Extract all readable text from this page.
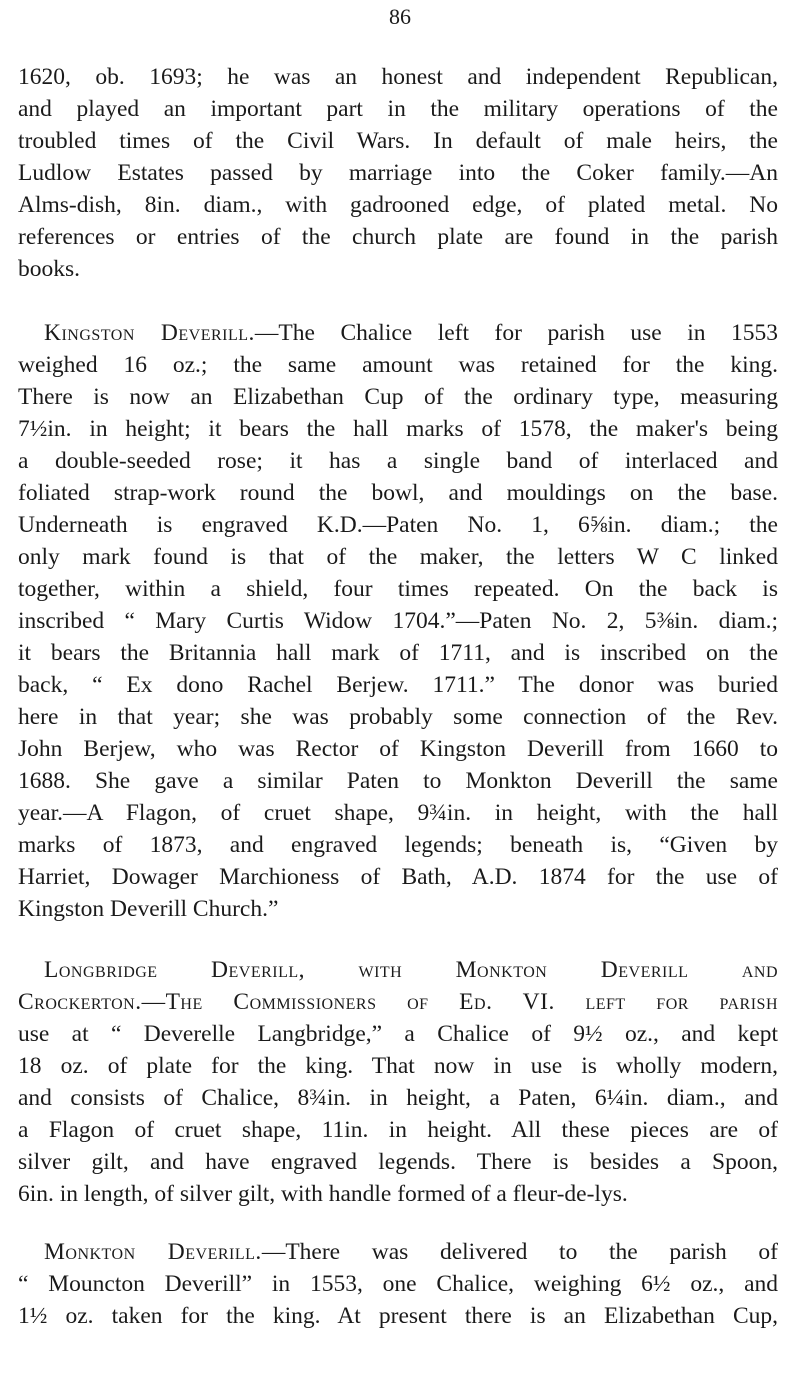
86
1620, ob. 1693; he was an honest and independent Republican,
and played an important part in the military operations of the
troubled times of the Civil Wars. In default of male heirs, the
Ludlow Estates passed by marriage into the Coker family.—An
Alms-dish, 8in. diam., with gadrooned edge, of plated metal. No
references or entries of the church plate are found in the parish
books.
Kingston Deverill.—The Chalice left for parish use in 1553
weighed 16 oz.; the same amount was retained for the king.
There is now an Elizabethan Cup of the ordinary type, measuring
7½in. in height; it bears the hall marks of 1578, the maker's being
a double-seeded rose; it has a single band of interlaced and
foliated strap-work round the bowl, and mouldings on the base.
Underneath is engraved K.D.—Paten No. 1, 6⅝in. diam.; the
only mark found is that of the maker, the letters W C linked
together, within a shield, four times repeated. On the back is
inscribed “ Mary Curtis Widow 1704.”—Paten No. 2, 5⅜in. diam.;
it bears the Britannia hall mark of 1711, and is inscribed on the
back, “ Ex dono Rachel Berjew. 1711.” The donor was buried
here in that year; she was probably some connection of the Rev.
John Berjew, who was Rector of Kingston Deverill from 1660 to
1688. She gave a similar Paten to Monkton Deverill the same
year.—A Flagon, of cruet shape, 9¾in. in height, with the hall
marks of 1873, and engraved legends; beneath is, “Given by
Harriet, Dowager Marchioness of Bath, A.D. 1874 for the use of
Kingston Deverill Church.”
Longbridge Deverill, with Monkton Deverill and
Crockerton.—The Commissioners of Ed. VI. left for parish
use at “ Deverelle Langbridge,” a Chalice of 9½ oz., and kept
18 oz. of plate for the king. That now in use is wholly modern,
and consists of Chalice, 8¾in. in height, a Paten, 6¼in. diam., and
a Flagon of cruet shape, 11in. in height. All these pieces are of
silver gilt, and have engraved legends. There is besides a Spoon,
6in. in length, of silver gilt, with handle formed of a fleur-de-lys.
Monkton Deverill.—There was delivered to the parish of
“ Mouncton Deverill” in 1553, one Chalice, weighing 6½ oz., and
1½ oz. taken for the king. At present there is an Elizabethan Cup,
